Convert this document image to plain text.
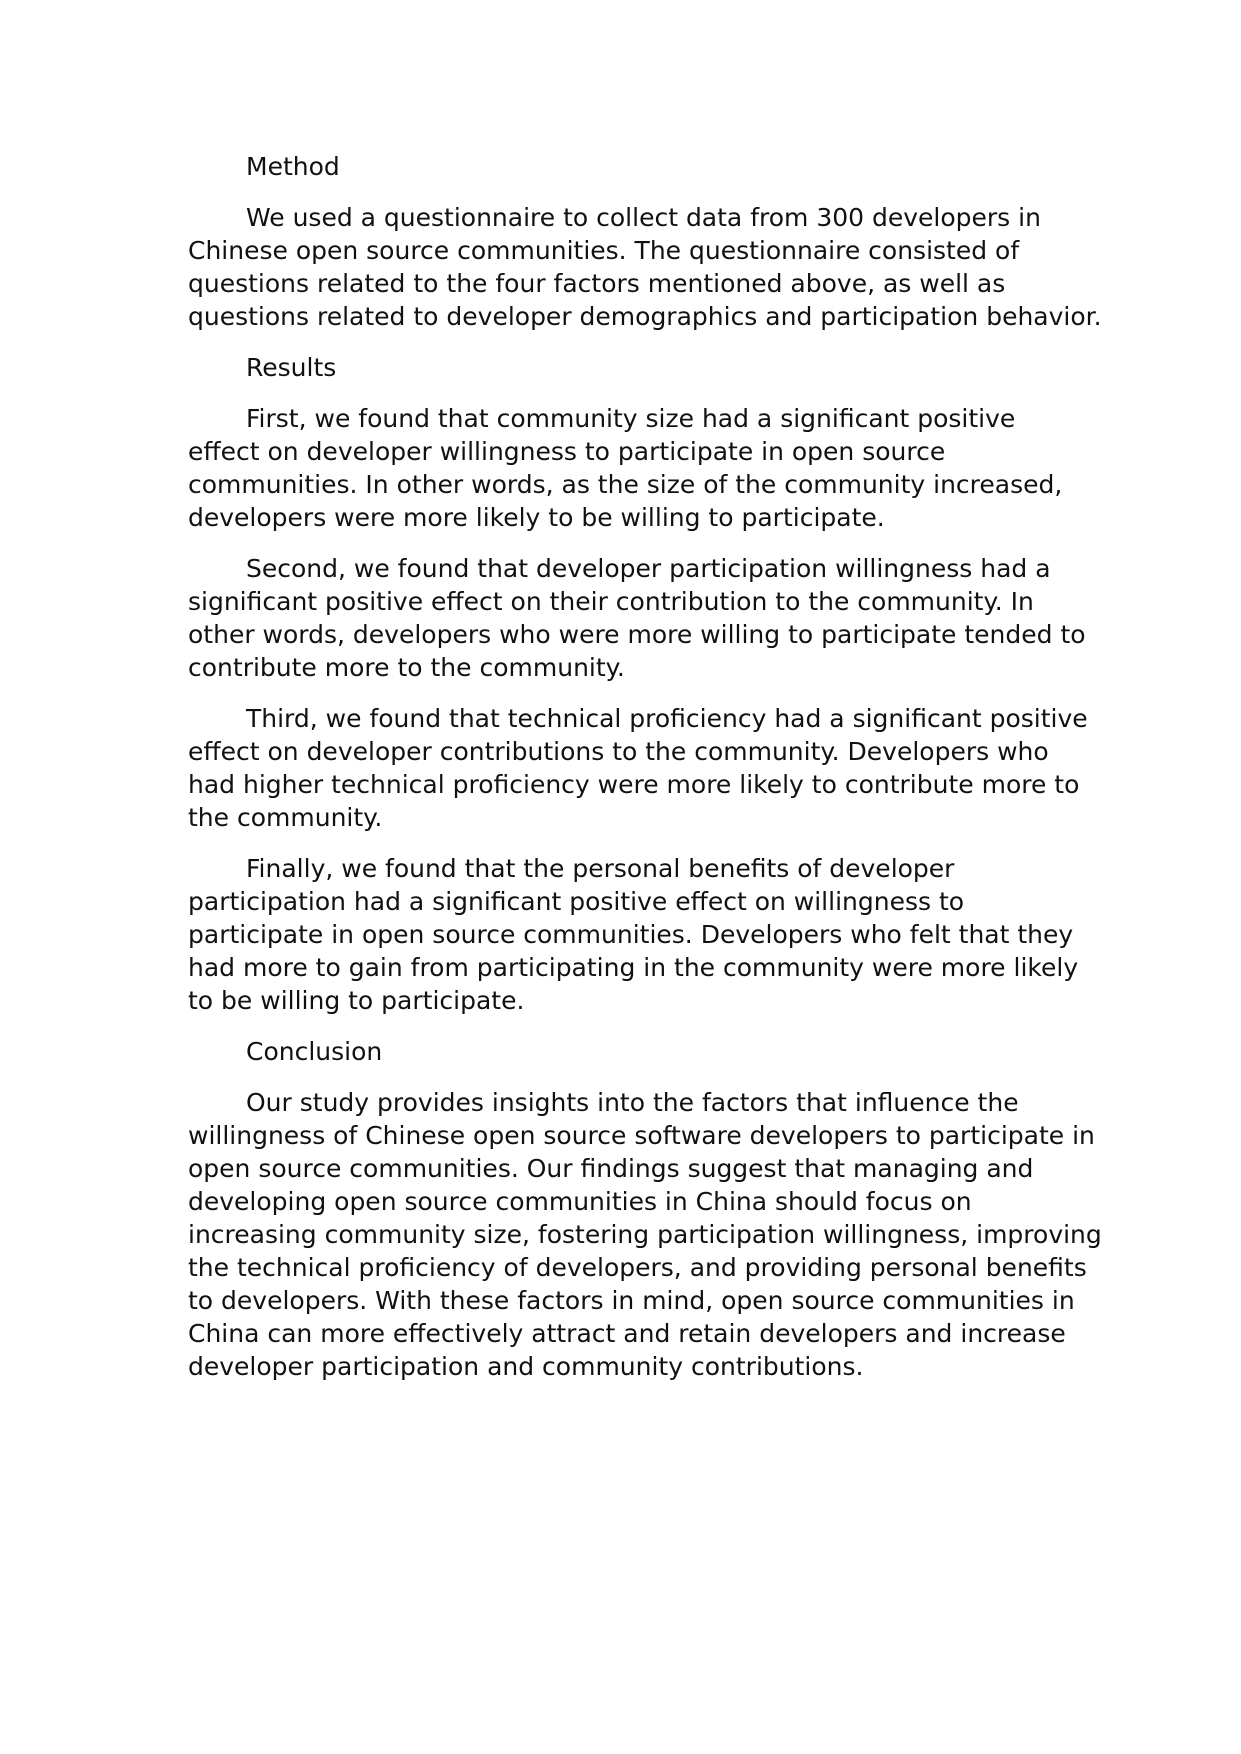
Method
We used a questionnaire to collect data from 300 developers in
Chinese open source communities. The questionnaire consisted of
questions related to the four factors mentioned above, as well as
questions related to developer demographics and participation behavior.
Results
First, we found that community size had a significant positive
effect on developer willingness to participate in open source
communities. In other words, as the size of the community increased,
developers were more likely to be willing to participate.
Second, we found that developer participation willingness had a
significant positive effect on their contribution to the community. In
other words, developers who were more willing to participate tended to
contribute more to the community.
Third, we found that technical proficiency had a significant positive
effect on developer contributions to the community. Developers who
had higher technical proficiency were more likely to contribute more to
the community.
Finally, we found that the personal benefits of developer
participation had a significant positive effect on willingness to
participate in open source communities. Developers who felt that they
had more to gain from participating in the community were more likely
to be willing to participate.
Conclusion
Our study provides insights into the factors that influence the
willingness of Chinese open source software developers to participate in
open source communities. Our findings suggest that managing and
developing open source communities in China should focus on
increasing community size, fostering participation willingness, improving
the technical proficiency of developers, and providing personal benefits
to developers. With these factors in mind, open source communities in
China can more effectively attract and retain developers and increase
developer participation and community contributions.
